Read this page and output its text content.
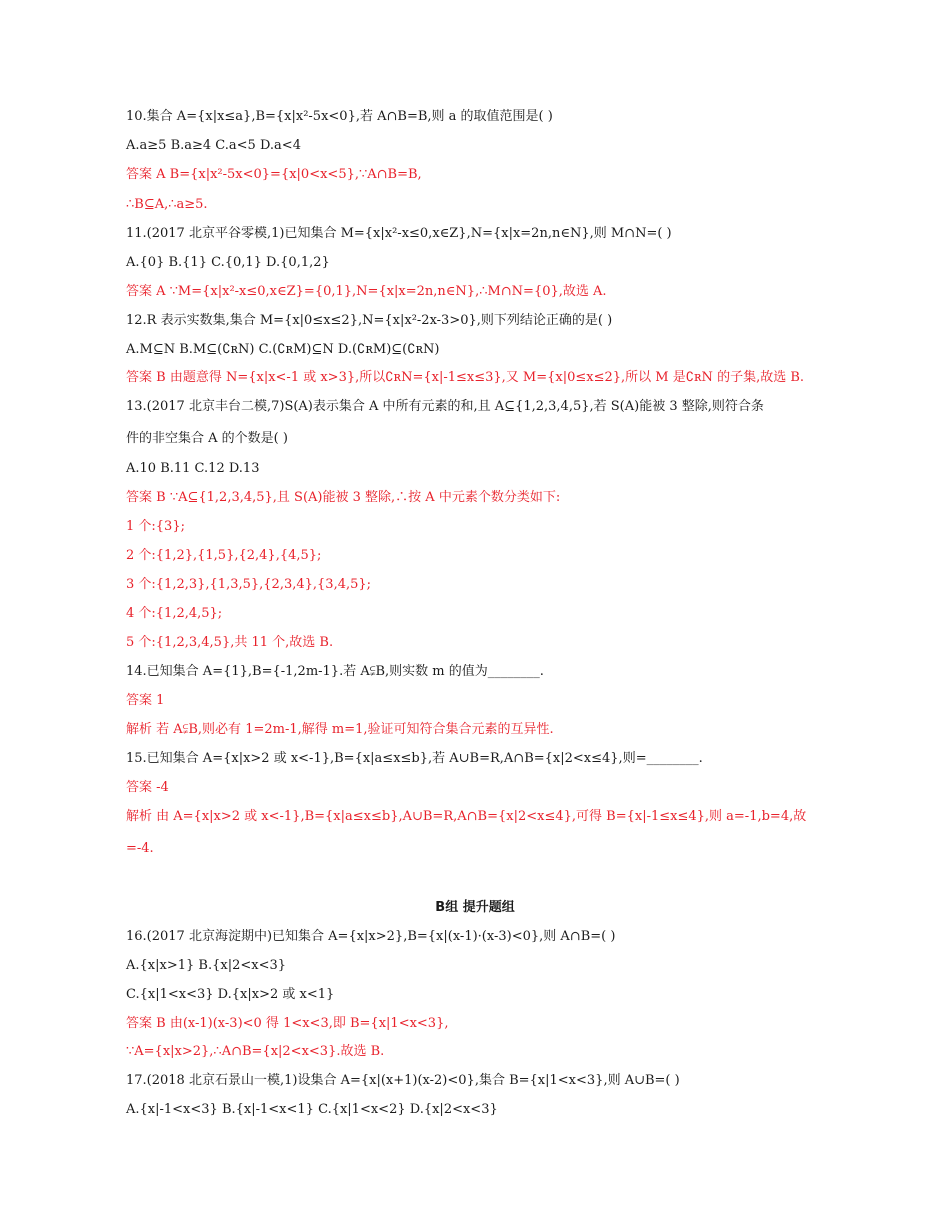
10.集合 A={x|x≤a},B={x|x²-5x<0},若 A∩B=B,则 a 的取值范围是( )
A.a≥5 B.a≥4 C.a<5 D.a<4
答案 A B={x|x²-5x<0}={x|0<x<5},∵A∩B=B,
∴B⊆A,∴a≥5.
11.(2017 北京平谷零模,1)已知集合 M={x|x²-x≤0,x∈Z},N={x|x=2n,n∈N},则 M∩N=( )
A.{0} B.{1} C.{0,1} D.{0,1,2}
答案 A ∵M={x|x²-x≤0,x∈Z}={0,1},N={x|x=2n,n∈N},∴M∩N={0},故选 A.
12.R 表示实数集,集合 M={x|0≤x≤2},N={x|x²-2x-3>0},则下列结论正确的是( )
A.M⊆N B.M⊆(∁ʀN) C.(∁ʀM)⊆N D.(∁ʀM)⊆(∁ʀN)
答案 B 由题意得 N={x|x<-1 或 x>3},所以∁ʀN={x|-1≤x≤3},又 M={x|0≤x≤2},所以 M 是∁ʀN 的子集,故选 B.
13.(2017 北京丰台二模,7)S(A)表示集合 A 中所有元素的和,且 A⊆{1,2,3,4,5},若 S(A)能被 3 整除,则符合条
件的非空集合 A 的个数是( )
A.10 B.11 C.12 D.13
答案 B ∵A⊆{1,2,3,4,5},且 S(A)能被 3 整除,∴按 A 中元素个数分类如下:
1 个:{3};
2 个:{1,2},{1,5},{2,4},{4,5};
3 个:{1,2,3},{1,3,5},{2,3,4},{3,4,5};
4 个:{1,2,4,5};
5 个:{1,2,3,4,5},共 11 个,故选 B.
14.已知集合 A={1},B={-1,2m-1}.若 A⫋B,则实数 m 的值为________.
答案 1
解析 若 A⫋B,则必有 1=2m-1,解得 m=1,验证可知符合集合元素的互异性.
15.已知集合 A={x|x>2 或 x<-1},B={x|a≤x≤b},若 A∪B=R,A∩B={x|2<x≤4},则=________.
答案 -4
解析 由 A={x|x>2 或 x<-1},B={x|a≤x≤b},A∪B=R,A∩B={x|2<x≤4},可得 B={x|-1≤x≤4},则 a=-1,b=4,故
=-4.
B组 提升题组
16.(2017 北京海淀期中)已知集合 A={x|x>2},B={x|(x-1)·(x-3)<0},则 A∩B=( )
A.{x|x>1} B.{x|2<x<3}
C.{x|1<x<3} D.{x|x>2 或 x<1}
答案 B 由(x-1)(x-3)<0 得 1<x<3,即 B={x|1<x<3},
∵A={x|x>2},∴A∩B={x|2<x<3}.故选 B.
17.(2018 北京石景山一模,1)设集合 A={x|(x+1)(x-2)<0},集合 B={x|1<x<3},则 A∪B=( )
A.{x|-1<x<3} B.{x|-1<x<1} C.{x|1<x<2} D.{x|2<x<3}
